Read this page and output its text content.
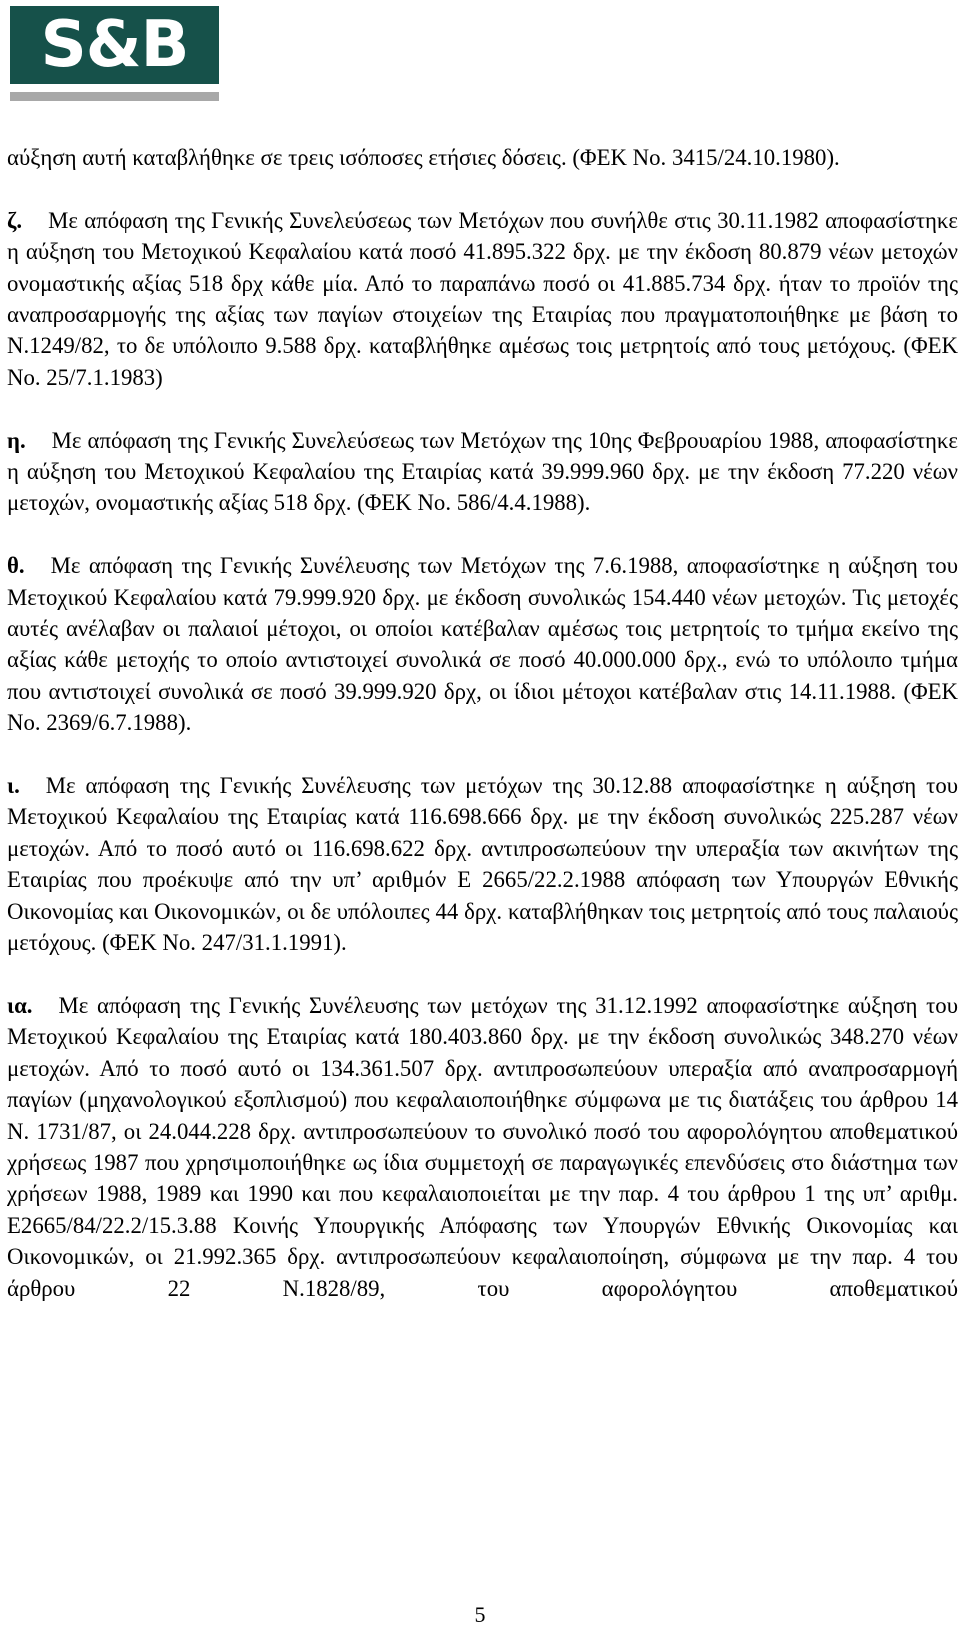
S&B

αύξηση αυτή καταβλήθηκε σε τρεις ισόποσες ετήσιες δόσεις. (ΦΕΚ Νο. 3415/24.10.1980).

ζ. Με απόφαση της Γενικής Συνελεύσεως των Μετόχων που συνήλθε στις 30.11.1982 αποφασίστηκε η αύξηση του Μετοχικού Κεφαλαίου κατά ποσό 41.895.322 δρχ. με την έκδοση 80.879 νέων μετοχών ονομαστικής αξίας 518 δρχ κάθε μία. Από το παραπάνω ποσό οι 41.885.734 δρχ. ήταν το προϊόν της αναπροσαρμογής της αξίας των παγίων στοιχείων της Εταιρίας που πραγματοποιήθηκε με βάση το Ν.1249/82, το δε υπόλοιπο 9.588 δρχ. καταβλήθηκε αμέσως τοις μετρητοίς από τους μετόχους. (ΦΕΚ Νο. 25/7.1.1983)

η. Με απόφαση της Γενικής Συνελεύσεως των Μετόχων της 10ης Φεβρουαρίου 1988, αποφασίστηκε η αύξηση του Μετοχικού Κεφαλαίου της Εταιρίας κατά 39.999.960 δρχ. με την έκδοση 77.220 νέων μετοχών, ονομαστικής αξίας 518 δρχ. (ΦΕΚ Νο. 586/4.4.1988).

θ. Με απόφαση της Γενικής Συνέλευσης των Μετόχων της 7.6.1988, αποφασίστηκε η αύξηση του Μετοχικού Κεφαλαίου κατά 79.999.920 δρχ. με έκδοση συνολικώς 154.440 νέων μετοχών. Τις μετοχές αυτές ανέλαβαν οι παλαιοί μέτοχοι, οι οποίοι κατέβαλαν αμέσως τοις μετρητοίς το τμήμα εκείνο της αξίας κάθε μετοχής το οποίο αντιστοιχεί συνολικά σε ποσό 40.000.000 δρχ., ενώ το υπόλοιπο τμήμα που αντιστοιχεί συνολικά σε ποσό 39.999.920 δρχ, οι ίδιοι μέτοχοι κατέβαλαν στις 14.11.1988. (ΦΕΚ Νο. 2369/6.7.1988).

ι. Με απόφαση της Γενικής Συνέλευσης των μετόχων της 30.12.88 αποφασίστηκε η αύξηση του Μετοχικού Κεφαλαίου της Εταιρίας κατά 116.698.666 δρχ. με την έκδοση συνολικώς 225.287 νέων μετοχών. Από το ποσό αυτό οι 116.698.622 δρχ. αντιπροσωπεύουν την υπεραξία των ακινήτων της Εταιρίας που προέκυψε από την υπ’ αριθμόν Ε 2665/22.2.1988 απόφαση των Υπουργών Εθνικής Οικονομίας και Οικονομικών, οι δε υπόλοιπες 44 δρχ. καταβλήθηκαν τοις μετρητοίς από τους παλαιούς μετόχους. (ΦΕΚ Νο. 247/31.1.1991).

ια. Με απόφαση της Γενικής Συνέλευσης των μετόχων της 31.12.1992 αποφασίστηκε αύξηση του Μετοχικού Κεφαλαίου της Εταιρίας κατά 180.403.860 δρχ. με την έκδοση συνολικώς 348.270 νέων μετοχών. Από το ποσό αυτό οι 134.361.507 δρχ. αντιπροσωπεύουν υπεραξία από αναπροσαρμογή παγίων (μηχανολογικού εξοπλισμού) που κεφαλαιοποιήθηκε σύμφωνα με τις διατάξεις του άρθρου 14 Ν. 1731/87, οι 24.044.228 δρχ. αντιπροσωπεύουν το συνολικό ποσό του αφορολόγητου αποθεματικού χρήσεως 1987 που χρησιμοποιήθηκε ως ίδια συμμετοχή σε παραγωγικές επενδύσεις στο διάστημα των χρήσεων 1988, 1989 και 1990 και που κεφαλαιοποιείται με την παρ. 4 του άρθρου 1 της υπ’ αριθμ. Ε2665/84/22.2/15.3.88 Κοινής Υπουργικής Απόφασης των Υπουργών Εθνικής Οικονομίας και Οικονομικών, οι 21.992.365 δρχ. αντιπροσωπεύουν κεφαλαιοποίηση, σύμφωνα με την παρ. 4 του άρθρου 22 Ν.1828/89, του αφορολόγητου αποθεματικού

5
